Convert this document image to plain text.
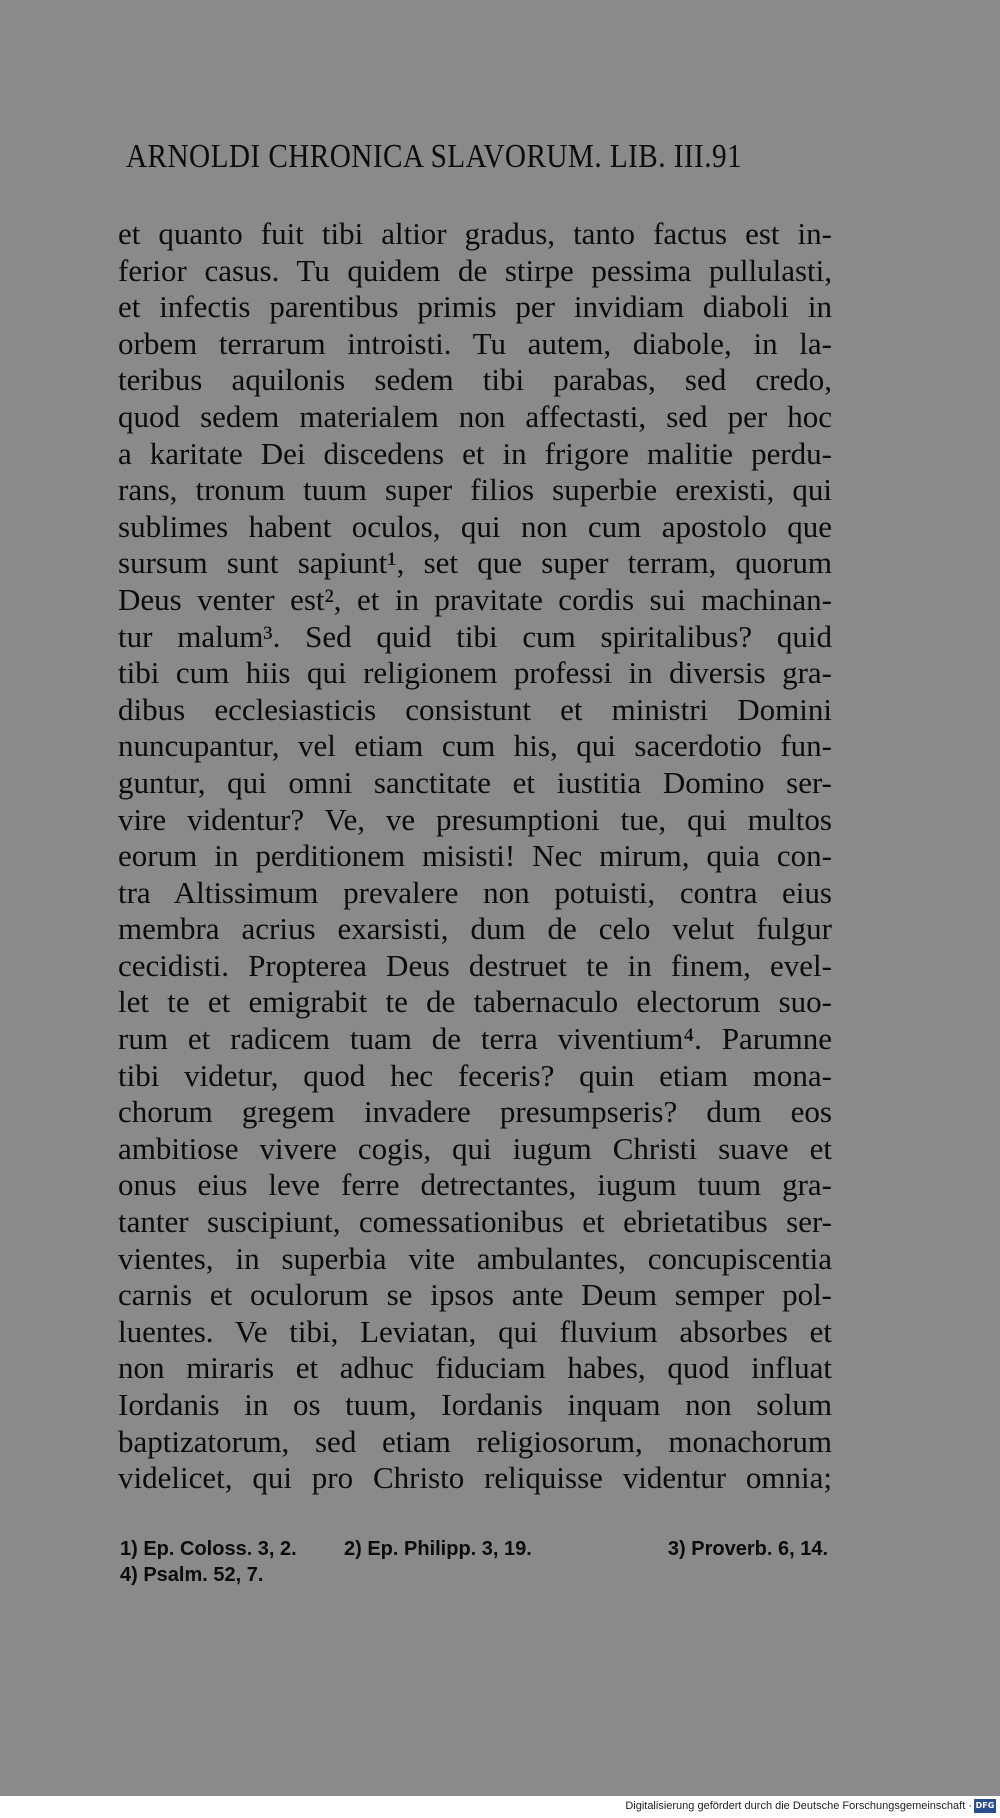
ARNOLDI CHRONICA SLAVORUM. LIB. III. 91
et quanto fuit tibi altior gradus, tanto factus est in-
ferior casus. Tu quidem de stirpe pessima pullulasti,
et infectis parentibus primis per invidiam diaboli in
orbem terrarum introisti. Tu autem, diabole, in la-
teribus aquilonis sedem tibi parabas, sed credo,
quod sedem materialem non affectasti, sed per hoc
a karitate Dei discedens et in frigore malitie perdu-
rans, tronum tuum super filios superbie erexisti, qui
sublimes habent oculos, qui non cum apostolo que
sursum sunt sapiunt¹, set que super terram, quorum
Deus venter est², et in pravitate cordis sui machinan-
tur malum³. Sed quid tibi cum spiritalibus? quid
tibi cum hiis qui religionem professi in diversis gra-
dibus ecclesiasticis consistunt et ministri Domini
nuncupantur, vel etiam cum his, qui sacerdotio fun-
guntur, qui omni sanctitate et iustitia Domino ser-
vire videntur? Ve, ve presumptioni tue, qui multos
eorum in perditionem misisti! Nec mirum, quia con-
tra Altissimum prevalere non potuisti, contra eius
membra acrius exarsisti, dum de celo velut fulgur
cecidisti. Propterea Deus destruet te in finem, evel-
let te et emigrabit te de tabernaculo electorum suo-
rum et radicem tuam de terra viventium⁴. Parumne
tibi videtur, quod hec feceris? quin etiam mona-
chorum gregem invadere presumpseris? dum eos
ambitiose vivere cogis, qui iugum Christi suave et
onus eius leve ferre detrectantes, iugum tuum gra-
tanter suscipiunt, comessationibus et ebrietatibus ser-
vientes, in superbia vite ambulantes, concupiscentia
carnis et oculorum se ipsos ante Deum semper pol-
luentes. Ve tibi, Leviatan, qui fluvium absorbes et
non miraris et adhuc fiduciam habes, quod influat
Iordanis in os tuum, Iordanis inquam non solum
baptizatorum, sed etiam religiosorum, monachorum
videlicet, qui pro Christo reliquisse videntur omnia;
1) Ep. Coloss. 3, 2.	2) Ep. Philipp. 3, 19.	3) Proverb. 6, 14.
4) Psalm. 52, 7.
Digitalisierung gefördert durch die Deutsche Forschungsgemeinschaft · DFG
